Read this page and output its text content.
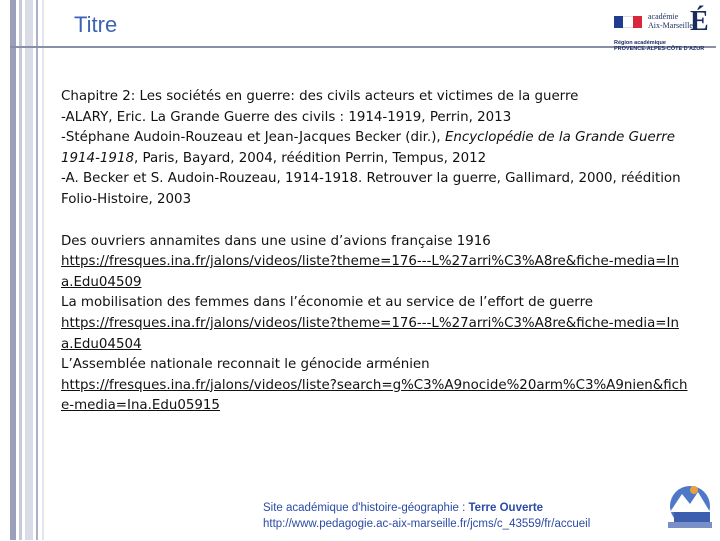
Titre	académie
Aix-Marseille
É
Région académique
PROVENCE-ALPES-CÔTE D'AZUR

Chapitre 2: Les sociétés en guerre: des civils acteurs et victimes de la guerre

-ALARY, Eric. La Grande Guerre des civils : 1914-1919, Perrin, 2013

-Stéphane Audoin-Rouzeau et Jean-Jacques Becker (dir.), Encyclopédie de la Grande Guerre 1914-1918, Paris, Bayard, 2004, réédition Perrin, Tempus, 2012

-A. Becker et S. Audoin-Rouzeau, 1914-1918. Retrouver la guerre, Gallimard, 2000, réédition Folio-Histoire, 2003

Des ouvriers annamites dans une usine d’avions française 1916

https://fresques.ina.fr/jalons/videos/liste?theme=176---L%27arri%C3%A8re&fiche-media=Ina.Edu04509

La mobilisation des femmes dans l’économie et au service de l’effort de guerre

https://fresques.ina.fr/jalons/videos/liste?theme=176---L%27arri%C3%A8re&fiche-media=Ina.Edu04504

L’Assemblée nationale reconnait le génocide arménien

https://fresques.ina.fr/jalons/videos/liste?search=g%C3%A9nocide%20arm%C3%A9nien&fiche-media=Ina.Edu05915

Site académique d'histoire-géographie : Terre Ouverte
http://www.pedagogie.ac-aix-marseille.fr/jcms/c_43559/fr/accueil
